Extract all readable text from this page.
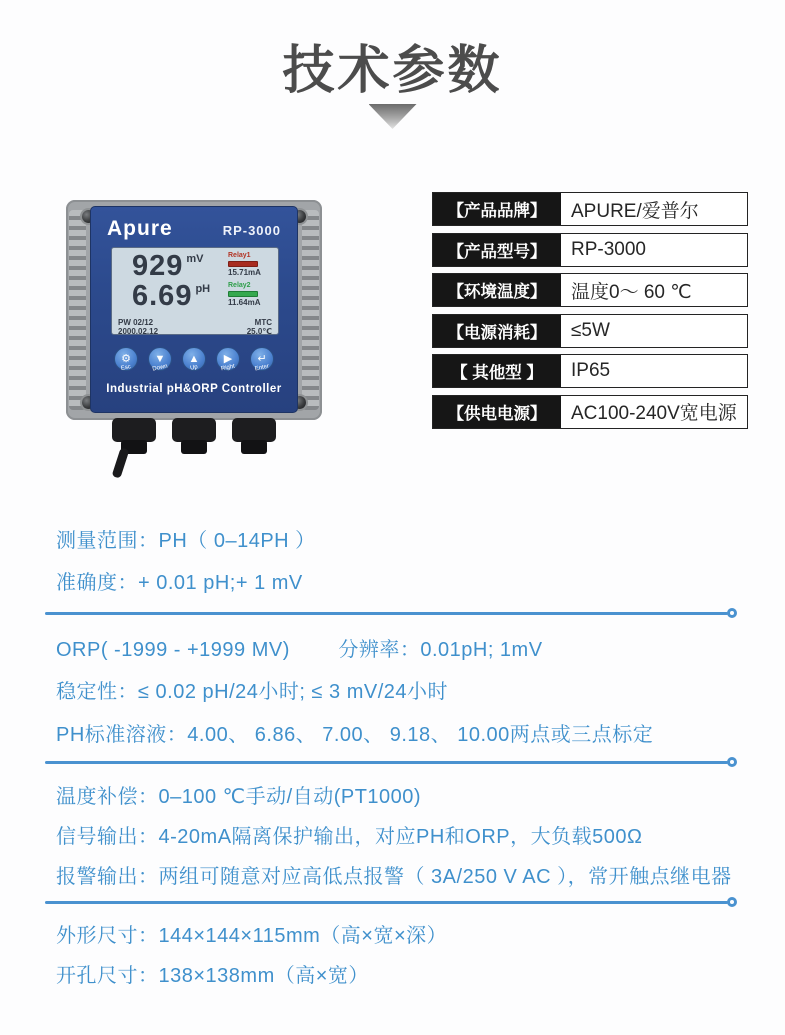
技术参数
Apure	RP-3000
929 mV	Relay1
15.71mA
6.69 pH	Relay2
11.64mA
PW 02/12
2000.02.12
MTC
25.0℃
⚙
Esc
▼
Down
▲
Up
▶
Right
↵
Enter
Industrial pH&ORP Controller
【产品品牌】	APURE/爱普尔
【产品型号】	RP-3000
【环境温度】	温度0～ 60 ℃
【电源消耗】	≤5W
【 其他型 】	IP65
【供电电源】	AC100-240V宽电源
测量范围：PH（ 0–14PH ）
准确度：+ 0.01 pH;+ 1 mV
ORP( -1999 - +1999 MV)        分辨率：0.01pH; 1mV
稳定性：≤ 0.02 pH/24小时; ≤ 3 mV/24小时
PH标准溶液：4.00、 6.86、 7.00、 9.18、 10.00两点或三点标定
温度补偿：0–100 ℃手动/自动(PT1000)
信号输出：4-20mA隔离保护输出，对应PH和ORP，大负载500Ω
报警输出：两组可随意对应高低点报警（ 3A/250 V AC ），常开触点继电器
外形尺寸：144×144×115mm（高×宽×深）
开孔尺寸：138×138mm（高×宽）
